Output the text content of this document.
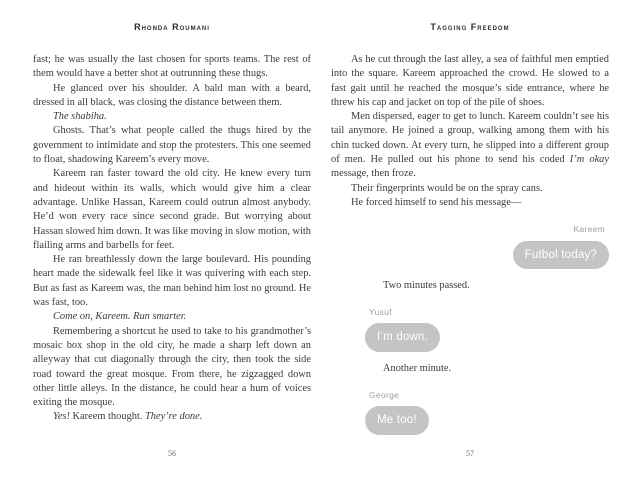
Rhonda Roumani

fast; he was usually the last chosen for sports teams. The rest of them would have a better shot at outrunning these thugs.

He glanced over his shoulder. A bald man with a beard, dressed in all black, was closing the distance between them.

The shabiha.

Ghosts. That’s what people called the thugs hired by the government to intimidate and stop the protesters. This one seemed to float, shadowing Kareem’s every move.

Kareem ran faster toward the old city. He knew every turn and hideout within its walls, which would give him a clear advantage. Unlike Hassan, Kareem could outrun almost anybody. He’d won every race since second grade. But worrying about Hassan slowed him down. It was like moving in slow motion, with flailing arms and barbells for feet.

He ran breathlessly down the large boulevard. His pounding heart made the sidewalk feel like it was quivering with each step. But as fast as Kareem was, the man behind him lost no ground. He was fast, too.

Come on, Kareem. Run smarter.

Remembering a shortcut he used to take to his grandmother’s mosaic box shop in the old city, he made a sharp left down an alleyway that cut diagonally through the city, then took the side road toward the great mosque. From there, he zigzagged down other little alleys. In the distance, he could hear a hum of voices exiting the mosque.

Yes! Kareem thought. They’re done.

56
Tagging Freedom

As he cut through the last alley, a sea of faithful men emptied into the square. Kareem approached the crowd. He slowed to a fast gait until he reached the mosque’s side entrance, where he threw his cap and jacket on top of the pile of shoes.

Men dispersed, eager to get to lunch. Kareem couldn’t see his tail anymore. He joined a group, walking among them with his chin tucked down. At every turn, he slipped into a different group of men. He pulled out his phone to send his coded I’m okay message, then froze.

Their fingerprints would be on the spray cans.

He forced himself to send his message—

Kareem
Futbol today?

Two minutes passed.

Yusuf
I’m down.

Another minute.

George
Me too!
57
